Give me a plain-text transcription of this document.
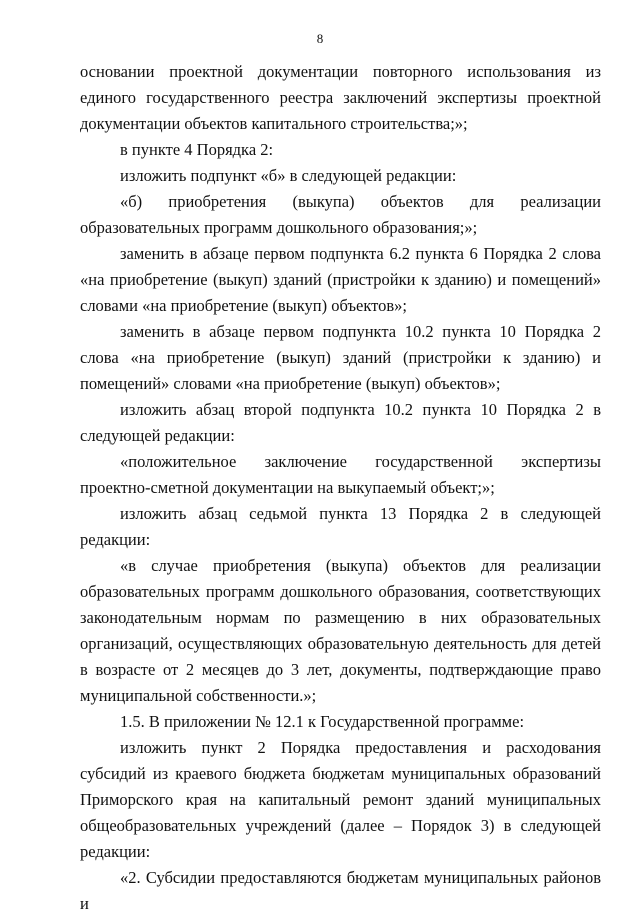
8

основании проектной документации повторного использования из единого государственного реестра заключений экспертизы проектной документации объектов капитального строительства;»;

в пункте 4 Порядка 2:

изложить подпункт «б» в следующей редакции:

«б) приобретения (выкупа) объектов для реализации образовательных программ дошкольного образования;»;

заменить в абзаце первом подпункта 6.2 пункта 6 Порядка 2 слова «на приобретение (выкуп) зданий (пристройки к зданию) и помещений» словами «на приобретение (выкуп) объектов»;

заменить в абзаце первом подпункта 10.2 пункта 10 Порядка 2 слова «на приобретение (выкуп) зданий (пристройки к зданию) и помещений» словами «на приобретение (выкуп) объектов»;

изложить абзац второй подпункта 10.2 пункта 10 Порядка 2 в следующей редакции:

«положительное заключение государственной экспертизы проектно-сметной документации на выкупаемый объект;»;

изложить абзац седьмой пункта 13 Порядка 2 в следующей редакции:

«в случае приобретения (выкупа) объектов для реализации образовательных программ дошкольного образования, соответствующих законодательным нормам по размещению в них образовательных организаций, осуществляющих образовательную деятельность для детей в возрасте от 2 месяцев до 3 лет, документы, подтверждающие право муниципальной собственности.»;

1.5. В приложении № 12.1 к Государственной программе:

изложить пункт 2 Порядка предоставления и расходования субсидий из краевого бюджета бюджетам муниципальных образований Приморского края на капитальный ремонт зданий муниципальных общеобразовательных учреждений (далее – Порядок 3) в следующей редакции:

«2. Субсидии предоставляются бюджетам муниципальных районов и
